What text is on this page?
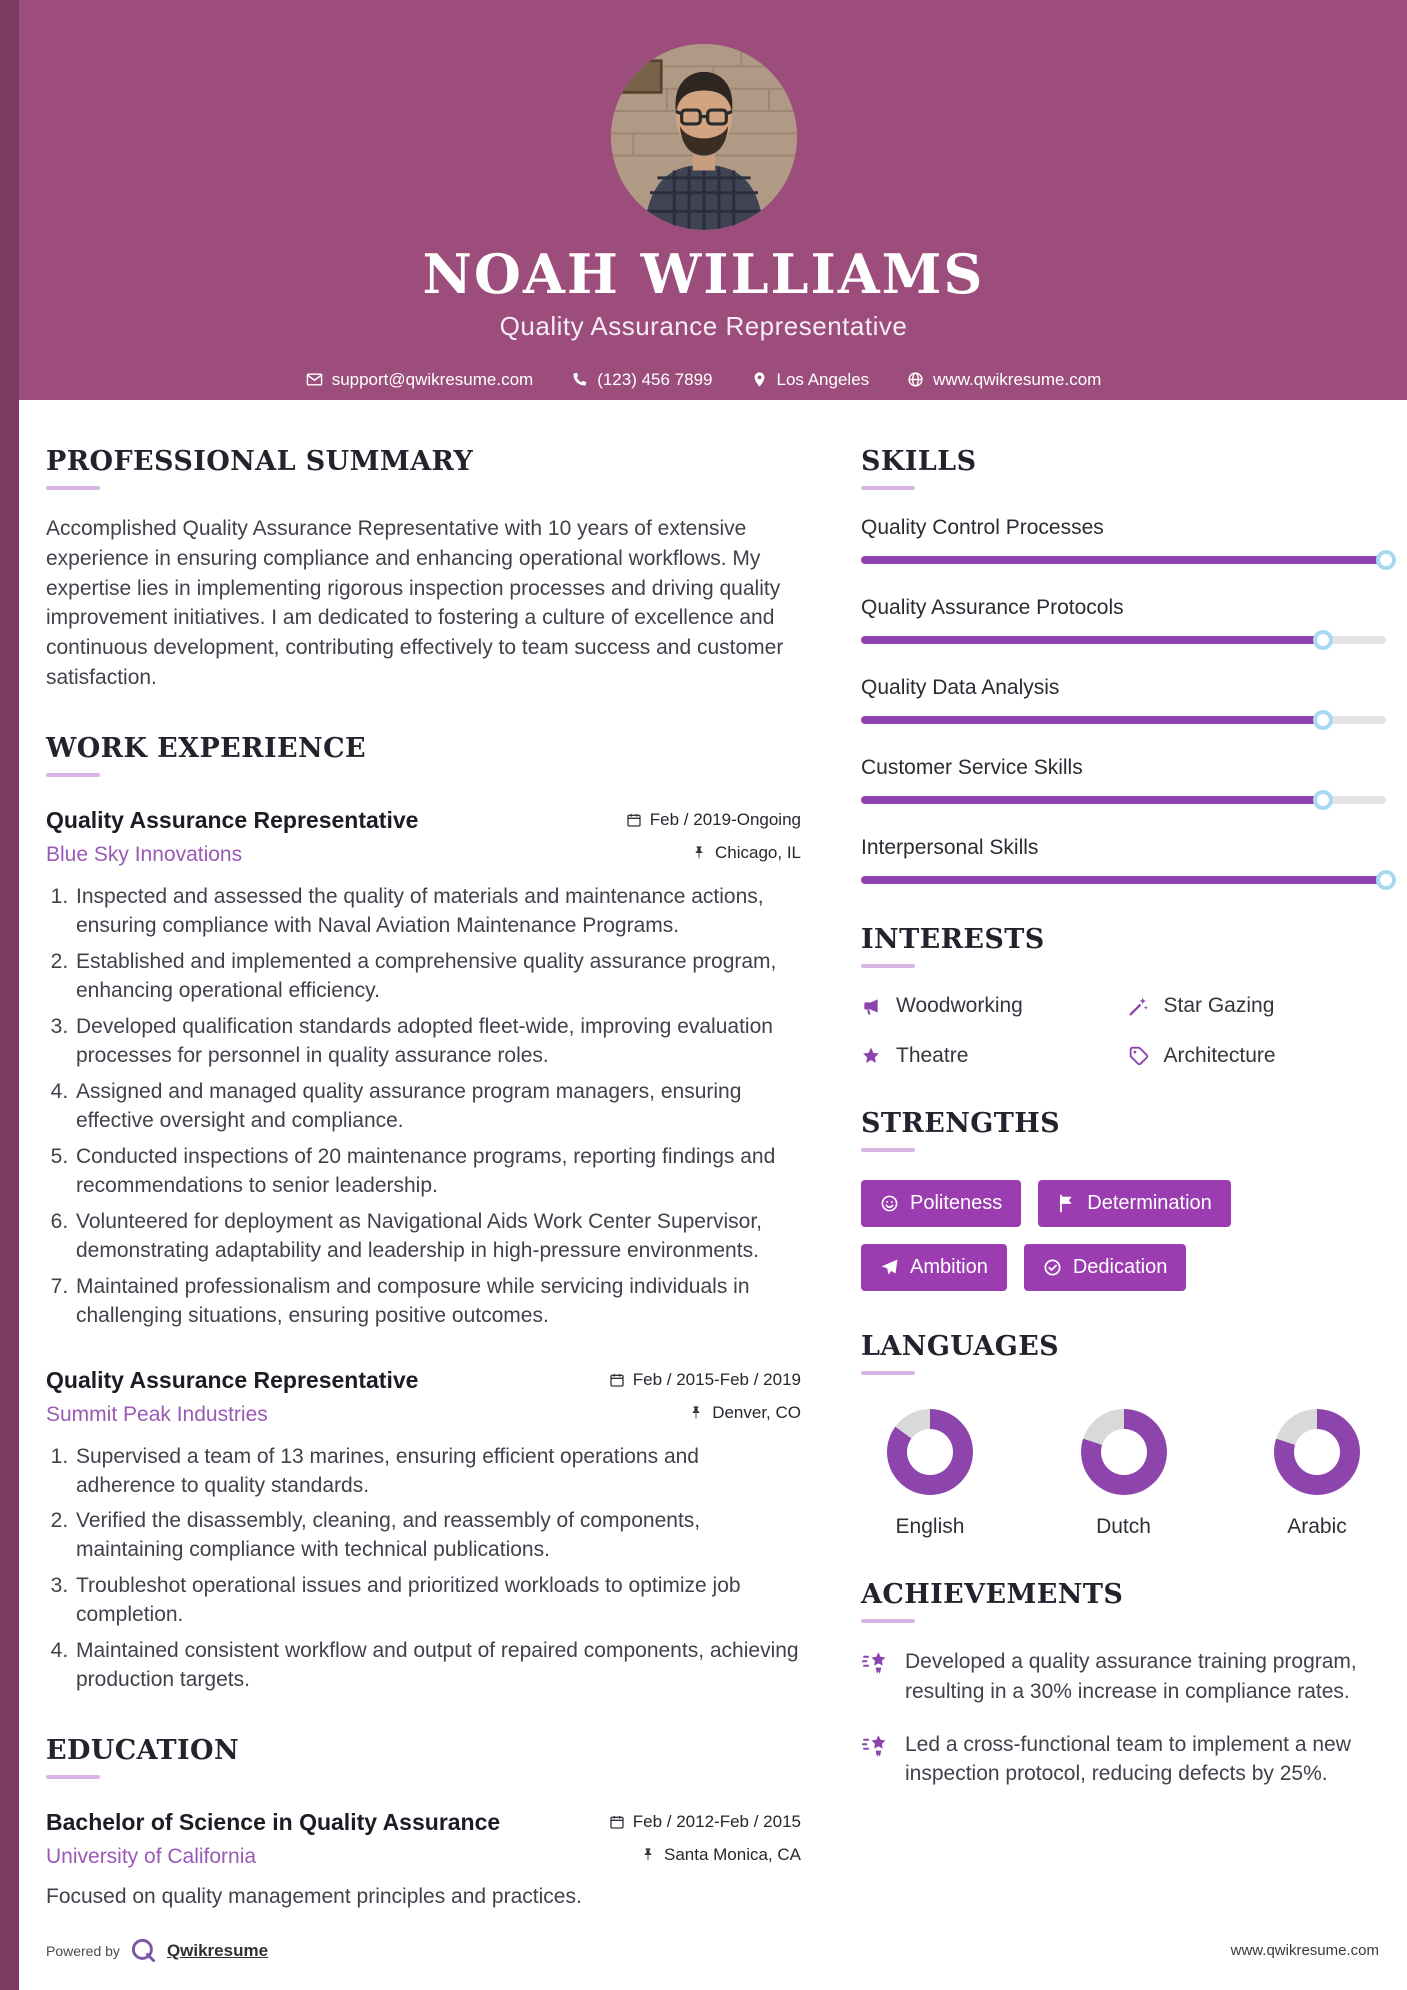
NOAH WILLIAMS
Quality Assurance Representative
support@qwikresume.com	(123) 456 7899	Los Angeles	www.qwikresume.com
PROFESSIONAL SUMMARY

Accomplished Quality Assurance Representative with 10 years of extensive experience in ensuring compliance and enhancing operational workflows. My expertise lies in implementing rigorous inspection processes and driving quality improvement initiatives. I am dedicated to fostering a culture of excellence and continuous development, contributing effectively to team success and customer satisfaction.

WORK EXPERIENCE
Quality Assurance Representative	Feb / 2019-Ongoing
Blue Sky Innovations	Chicago, IL
1. Inspected and assessed the quality of materials and maintenance actions, ensuring compliance with Naval Aviation Maintenance Programs.
2. Established and implemented a comprehensive quality assurance program, enhancing operational efficiency.
3. Developed qualification standards adopted fleet-wide, improving evaluation processes for personnel in quality assurance roles.
4. Assigned and managed quality assurance program managers, ensuring effective oversight and compliance.
5. Conducted inspections of 20 maintenance programs, reporting findings and recommendations to senior leadership.
6. Volunteered for deployment as Navigational Aids Work Center Supervisor, demonstrating adaptability and leadership in high-pressure environments.
7. Maintained professionalism and composure while servicing individuals in challenging situations, ensuring positive outcomes.
Quality Assurance Representative	Feb / 2015-Feb / 2019
Summit Peak Industries	Denver, CO
1. Supervised a team of 13 marines, ensuring efficient operations and adherence to quality standards.
2. Verified the disassembly, cleaning, and reassembly of components, maintaining compliance with technical publications.
3. Troubleshot operational issues and prioritized workloads to optimize job completion.
4. Maintained consistent workflow and output of repaired components, achieving production targets.
EDUCATION
Bachelor of Science in Quality Assurance	Feb / 2012-Feb / 2015
University of California	Santa Monica, CA

Focused on quality management principles and practices.

SKILLS
Quality Control Processes
Quality Assurance Protocols
Quality Data Analysis
Customer Service Skills
Interpersonal Skills
INTERESTS
Woodworking	Star Gazing
Theatre	Architecture
STRENGTHS
Politeness	Determination
Ambition	Dedication
LANGUAGES
English	Dutch	Arabic
ACHIEVEMENTS

Developed a quality assurance training program, resulting in a 30% increase in compliance rates.

Led a cross-functional team to implement a new inspection protocol, reducing defects by 25%.

Powered by	Qwikresume	www.qwikresume.com
